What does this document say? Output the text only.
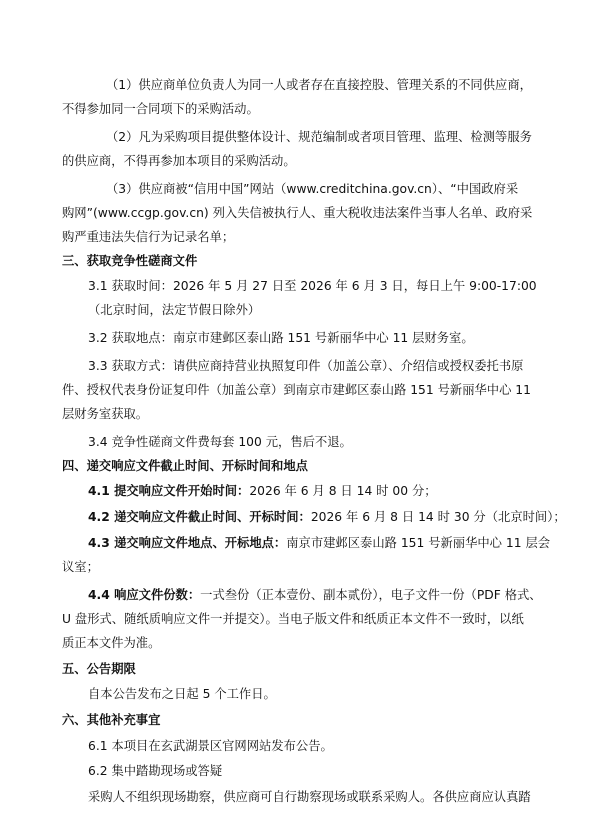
（1）供应商单位负责人为同一人或者存在直接控股、管理关系的不同供应商，
不得参加同一合同项下的采购活动。
（2）凡为采购项目提供整体设计、规范编制或者项目管理、监理、检测等服务
的供应商，不得再参加本项目的采购活动。
（3）供应商被“信用中国”网站（www.creditchina.gov.cn）、“中国政府采
购网”(www.ccgp.gov.cn) 列入失信被执行人、重大税收违法案件当事人名单、政府采
购严重违法失信行为记录名单；
三、获取竞争性磋商文件
3.1 获取时间：2026 年 5 月 27 日至 2026 年 6 月 3 日，每日上午 9:00-17:00
（北京时间，法定节假日除外）
3.2 获取地点：南京市建邺区泰山路 151 号新丽华中心 11 层财务室。
3.3 获取方式：请供应商持营业执照复印件（加盖公章）、介绍信或授权委托书原
件、授权代表身份证复印件（加盖公章）到南京市建邺区泰山路 151 号新丽华中心 11
层财务室获取。
3.4 竞争性磋商文件费每套 100 元，售后不退。
四、递交响应文件截止时间、开标时间和地点
4.1 提交响应文件开始时间：2026 年 6 月 8 日 14 时 00 分；
4.2 递交响应文件截止时间、开标时间：2026 年 6 月 8 日 14 时 30 分（北京时间）；
4.3 递交响应文件地点、开标地点：南京市建邺区泰山路 151 号新丽华中心 11 层会
议室；
4.4 响应文件份数：一式叁份（正本壹份、副本贰份），电子文件一份（PDF 格式、
U 盘形式、随纸质响应文件一并提交）。当电子版文件和纸质正本文件不一致时，以纸
质正本文件为准。
五、公告期限
自本公告发布之日起 5 个工作日。
六、其他补充事宜
6.1 本项目在玄武湖景区官网网站发布公告。
6.2 集中踏勘现场或答疑
采购人不组织现场勘察，供应商可自行勘察现场或联系采购人。各供应商应认真踏
